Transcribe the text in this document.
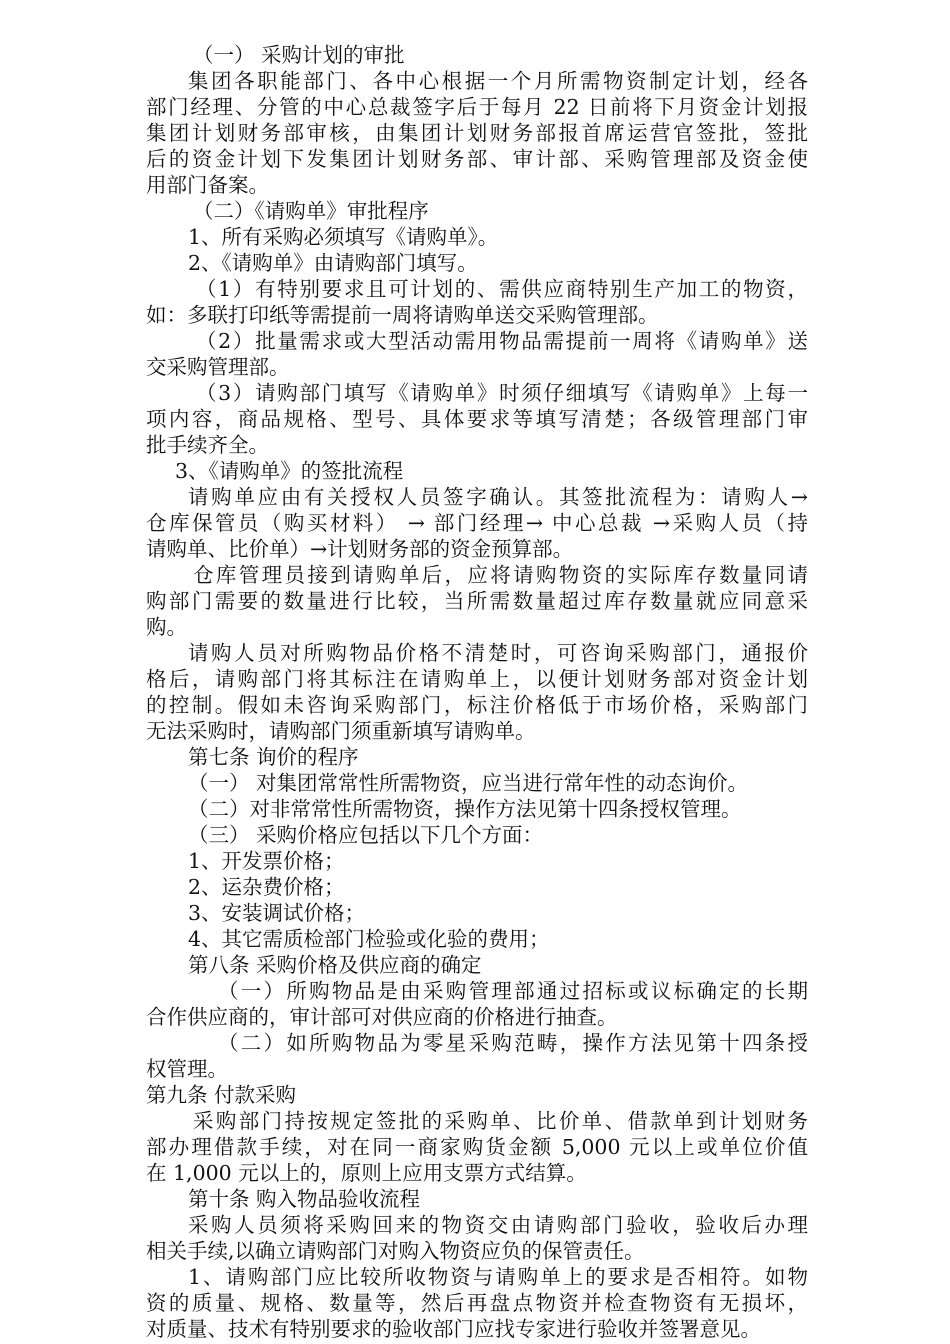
（一） 采购计划的审批
集团各职能部门、各中心根据一个月所需物资制定计划，经各
部门经理、分管的中心总裁签字后于每月 22 日前将下月资金计划报
集团计划财务部审核，由集团计划财务部报首席运营官签批，签批
后的资金计划下发集团计划财务部、审计部、采购管理部及资金使
用部门备案。
（二）《请购单》审批程序
1、所有采购必须填写《请购单》。
2、《请购单》由请购部门填写。
（1）有特别要求且可计划的、需供应商特别生产加工的物资，
如：多联打印纸等需提前一周将请购单送交采购管理部。
（2）批量需求或大型活动需用物品需提前一周将《请购单》送
交采购管理部。
（3）请购部门填写《请购单》时须仔细填写《请购单》上每一
项内容，商品规格、型号、具体要求等填写清楚；各级管理部门审
批手续齐全。
3、《请购单》的签批流程
请购单应由有关授权人员签字确认。其签批流程为：请购人→
仓库保管员（购买材料） → 部门经理→ 中心总裁 →采购人员（持
请购单、比价单）→计划财务部的资金预算部。
仓库管理员接到请购单后，应将请购物资的实际库存数量同请
购部门需要的数量进行比较，当所需数量超过库存数量就应同意采
购。
请购人员对所购物品价格不清楚时，可咨询采购部门，通报价
格后，请购部门将其标注在请购单上，以便计划财务部对资金计划
的控制。假如未咨询采购部门，标注价格低于市场价格，采购部门
无法采购时，请购部门须重新填写请购单。
第七条 询价的程序
（一） 对集团常常性所需物资，应当进行常年性的动态询价。
（二）对非常常性所需物资，操作方法见第十四条授权管理。
（三） 采购价格应包括以下几个方面：
1、开发票价格；
2、运杂费价格；
3、安装调试价格；
4、其它需质检部门检验或化验的费用；
第八条 采购价格及供应商的确定
（一）所购物品是由采购管理部通过招标或议标确定的长期
合作供应商的，审计部可对供应商的价格进行抽查。
（二）如所购物品为零星采购范畴，操作方法见第十四条授
权管理。
第九条 付款采购
采购部门持按规定签批的采购单、比价单、借款单到计划财务
部办理借款手续，对在同一商家购货金额 5,000 元以上或单位价值
在 1,000 元以上的，原则上应用支票方式结算。
第十条 购入物品验收流程
采购人员须将采购回来的物资交由请购部门验收，验收后办理
相关手续,以确立请购部门对购入物资应负的保管责任。
1、请购部门应比较所收物资与请购单上的要求是否相符。如物
资的质量、规格、数量等，然后再盘点物资并检查物资有无损坏，
对质量、技术有特别要求的验收部门应找专家进行验收并签署意见。
